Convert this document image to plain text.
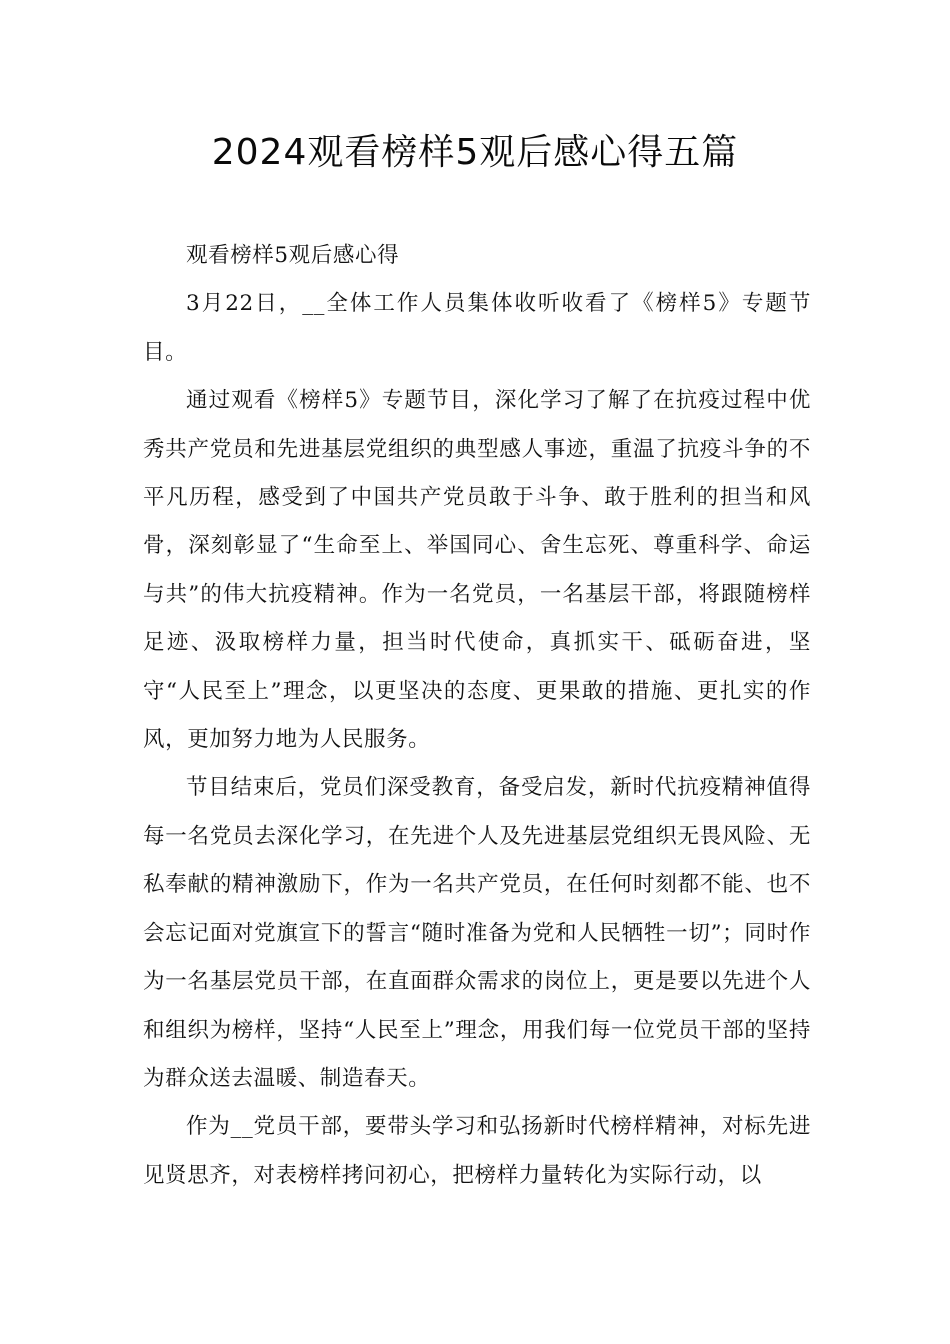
2024观看榜样5观后感心得五篇

观看榜样5观后感心得

3月22日，__全体工作人员集体收听收看了《榜样5》专题节目。

通过观看《榜样5》专题节目，深化学习了解了在抗疫过程中优秀共产党员和先进基层党组织的典型感人事迹，重温了抗疫斗争的不平凡历程，感受到了中国共产党员敢于斗争、敢于胜利的担当和风骨，深刻彰显了“生命至上、举国同心、舍生忘死、尊重科学、命运与共”的伟大抗疫精神。作为一名党员，一名基层干部，将跟随榜样足迹、汲取榜样力量，担当时代使命，真抓实干、砥砺奋进，坚守“人民至上”理念，以更坚决的态度、更果敢的措施、更扎实的作风，更加努力地为人民服务。

节目结束后，党员们深受教育，备受启发，新时代抗疫精神值得每一名党员去深化学习，在先进个人及先进基层党组织无畏风险、无私奉献的精神激励下，作为一名共产党员，在任何时刻都不能、也不会忘记面对党旗宣下的誓言“随时准备为党和人民牺牲一切”；同时作为一名基层党员干部，在直面群众需求的岗位上，更是要以先进个人和组织为榜样，坚持“人民至上”理念，用我们每一位党员干部的坚持为群众送去温暖、制造春天。

作为__党员干部，要带头学习和弘扬新时代榜样精神，对标先进见贤思齐，对表榜样拷问初心，把榜样力量转化为实际行动，以
